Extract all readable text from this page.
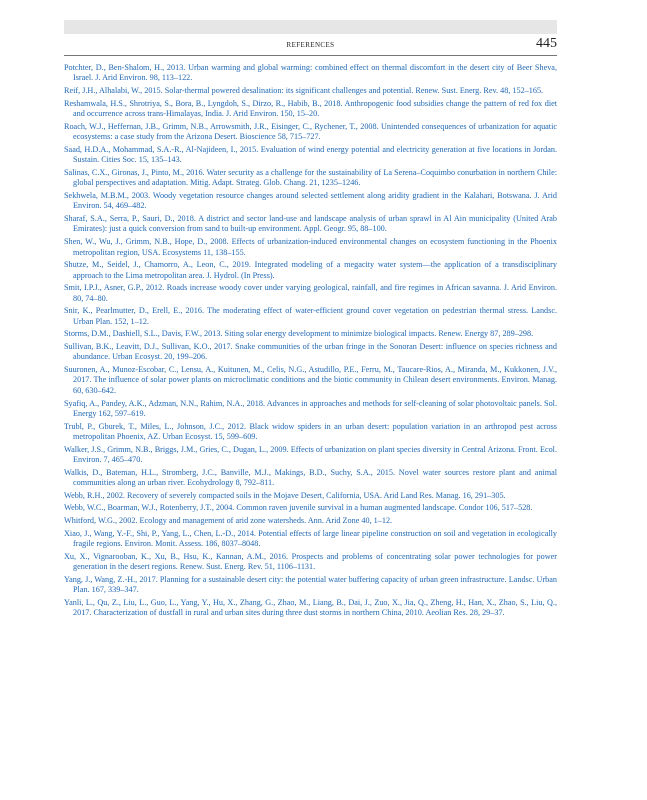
REFERENCES	445
Potchter, D., Ben-Shalom, H., 2013. Urban warming and global warming: combined effect on thermal discomfort in the desert city of Beer Sheva, Israel. J. Arid Environ. 98, 113–122.
Reif, J.H., Alhalabi, W., 2015. Solar-thermal powered desalination: its significant challenges and potential. Renew. Sust. Energ. Rev. 48, 152–165.
Reshamwala, H.S., Shrotriya, S., Bora, B., Lyngdoh, S., Dirzo, R., Habib, B., 2018. Anthropogenic food subsidies change the pattern of red fox diet and occurrence across trans-Himalayas, India. J. Arid Environ. 150, 15–20.
Roach, W.J., Heffernan, J.B., Grimm, N.B., Arrowsmith, J.R., Eisinger, C., Rychener, T., 2008. Unintended consequences of urbanization for aquatic ecosystems: a case study from the Arizona Desert. Bioscience 58, 715–727.
Saad, H.D.A., Mohammad, S.A.-R., Al-Najideen, I., 2015. Evaluation of wind energy potential and electricity generation at five locations in Jordan. Sustain. Cities Soc. 15, 135–143.
Salinas, C.X., Gironas, J., Pinto, M., 2016. Water security as a challenge for the sustainability of La Serena–Coquimbo conurbation in northern Chile: global perspectives and adaptation. Mitig. Adapt. Strateg. Glob. Chang. 21, 1235–1246.
Sekhwela, M.B.M., 2003. Woody vegetation resource changes around selected settlement along aridity gradient in the Kalahari, Botswana. J. Arid Environ. 54, 469–482.
Sharaf, S.A., Serra, P., Sauri, D., 2018. A district and sector land-use and landscape analysis of urban sprawl in Al Ain municipality (United Arab Emirates): just a quick conversion from sand to built-up environment. Appl. Geogr. 95, 88–100.
Shen, W., Wu, J., Grimm, N.B., Hope, D., 2008. Effects of urbanization-induced environmental changes on ecosystem functioning in the Phoenix metropolitan region, USA. Ecosystems 11, 138–155.
Shutze, M., Seidel, J., Chamorro, A., Leon, C., 2019. Integrated modeling of a megacity water system—the application of a transdisciplinary approach to the Lima metropolitan area. J. Hydrol. (In Press).
Smit, I.P.J., Asner, G.P., 2012. Roads increase woody cover under varying geological, rainfall, and fire regimes in African savanna. J. Arid Environ. 80, 74–80.
Snir, K., Pearlmutter, D., Erell, E., 2016. The moderating effect of water-efficient ground cover vegetation on pedestrian thermal stress. Landsc. Urban Plan. 152, 1–12.
Storms, D.M., Dashiell, S.L., Davis, F.W., 2013. Siting solar energy development to minimize biological impacts. Renew. Energy 87, 289–298.
Sullivan, B.K., Leavitt, D.J., Sullivan, K.O., 2017. Snake communities of the urban fringe in the Sonoran Desert: influence on species richness and abundance. Urban Ecosyst. 20, 199–206.
Suuronen, A., Munoz-Escobar, C., Lensu, A., Kuitunen, M., Celis, N.G., Astudillo, P.E., Ferru, M., Taucare-Rios, A., Miranda, M., Kukkonen, J.V., 2017. The influence of solar power plants on microclimatic conditions and the biotic community in Chilean desert environments. Environ. Manag. 60, 630–642.
Syafiq, A., Pandey, A.K., Adzman, N.N., Rahim, N.A., 2018. Advances in approaches and methods for self-cleaning of solar photovoltaic panels. Sol. Energy 162, 597–619.
Trubl, P., Gburek, T., Miles, L., Johnson, J.C., 2012. Black widow spiders in an urban desert: population variation in an arthropod pest across metropolitan Phoenix, AZ. Urban Ecosyst. 15, 599–609.
Walker, J.S., Grimm, N.B., Briggs, J.M., Gries, C., Dugan, L., 2009. Effects of urbanization on plant species diversity in Central Arizona. Front. Ecol. Environ. 7, 465–470.
Walkis, D., Bateman, H.L., Stromberg, J.C., Banville, M.J., Makings, B.D., Suchy, S.A., 2015. Novel water sources restore plant and animal communities along an urban river. Ecohydrology 8, 792–811.
Webb, R.H., 2002. Recovery of severely compacted soils in the Mojave Desert, California, USA. Arid Land Res. Manag. 16, 291–305.
Webb, W.C., Boarman, W.J., Rotenberry, J.T., 2004. Common raven juvenile survival in a human augmented landscape. Condor 106, 517–528.
Whitford, W.G., 2002. Ecology and management of arid zone watersheds. Ann. Arid Zone 40, 1–12.
Xiao, J., Wang, Y.-F., Shi, P., Yang, L., Chen, L.-D., 2014. Potential effects of large linear pipeline construction on soil and vegetation in ecologically fragile regions. Environ. Monit. Assess. 186, 8037–8048.
Xu, X., Vignarooban, K., Xu, B., Hsu, K., Kannan, A.M., 2016. Prospects and problems of concentrating solar power technologies for power generation in the desert regions. Renew. Sust. Energ. Rev. 51, 1106–1131.
Yang, J., Wang, Z.-H., 2017. Planning for a sustainable desert city: the potential water buffering capacity of urban green infrastructure. Landsc. Urban Plan. 167, 339–347.
Yanli, L., Qu, Z., Liu, L., Guo, L., Yang, Y., Hu, X., Zhang, G., Zhao, M., Liang, B., Dai, J., Zuo, X., Jia, Q., Zheng, H., Han, X., Zhao, S., Liu, Q., 2017. Characterization of dustfall in rural and urban sites during three dust storms in northern China, 2010. Aeolian Res. 28, 29–37.
